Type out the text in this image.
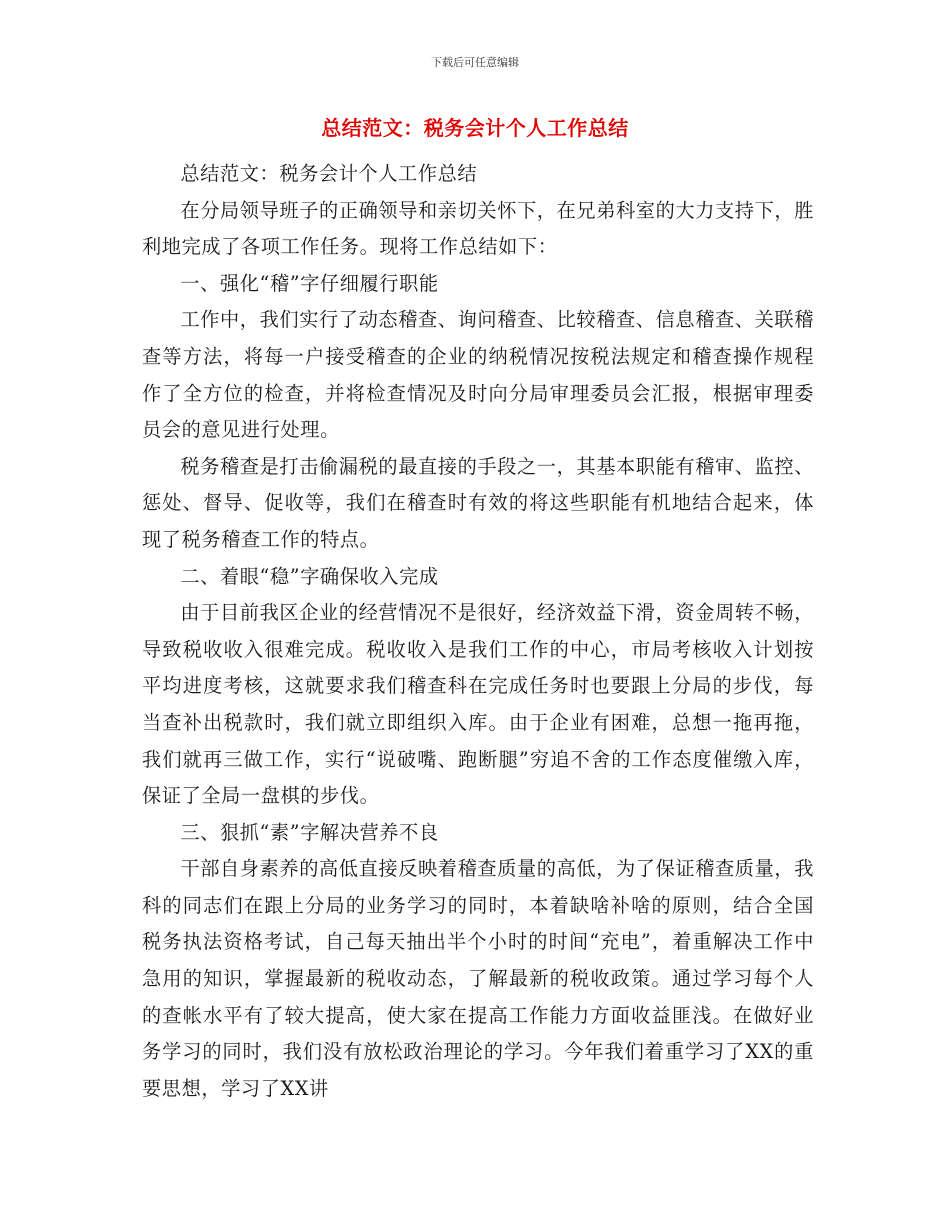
下载后可任意编辑
总结范文：税务会计个人工作总结

总结范文：税务会计个人工作总结

在分局领导班子的正确领导和亲切关怀下，在兄弟科室的大力支持下，胜利地完成了各项工作任务。现将工作总结如下：

一、强化“稽”字仔细履行职能

工作中，我们实行了动态稽查、询问稽查、比较稽查、信息稽查、关联稽查等方法，将每一户接受稽查的企业的纳税情况按税法规定和稽查操作规程作了全方位的检查，并将检查情况及时向分局审理委员会汇报，根据审理委员会的意见进行处理。

税务稽查是打击偷漏税的最直接的手段之一，其基本职能有稽审、监控、惩处、督导、促收等，我们在稽查时有效的将这些职能有机地结合起来，体现了税务稽查工作的特点。

二、着眼“稳”字确保收入完成

由于目前我区企业的经营情况不是很好，经济效益下滑，资金周转不畅，导致税收收入很难完成。税收收入是我们工作的中心，市局考核收入计划按平均进度考核，这就要求我们稽查科在完成任务时也要跟上分局的步伐，每当查补出税款时，我们就立即组织入库。由于企业有困难，总想一拖再拖，我们就再三做工作，实行“说破嘴、跑断腿”穷追不舍的工作态度催缴入库，保证了全局一盘棋的步伐。

三、狠抓“素”字解决营养不良

干部自身素养的高低直接反映着稽查质量的高低，为了保证稽查质量，我科的同志们在跟上分局的业务学习的同时，本着缺啥补啥的原则，结合全国税务执法资格考试，自己每天抽出半个小时的时间“充电”，着重解决工作中急用的知识，掌握最新的税收动态，了解最新的税收政策。通过学习每个人的查帐水平有了较大提高，使大家在提高工作能力方面收益匪浅。在做好业务学习的同时，我们没有放松政治理论的学习。今年我们着重学习了XX的重要思想，学习了XX讲
